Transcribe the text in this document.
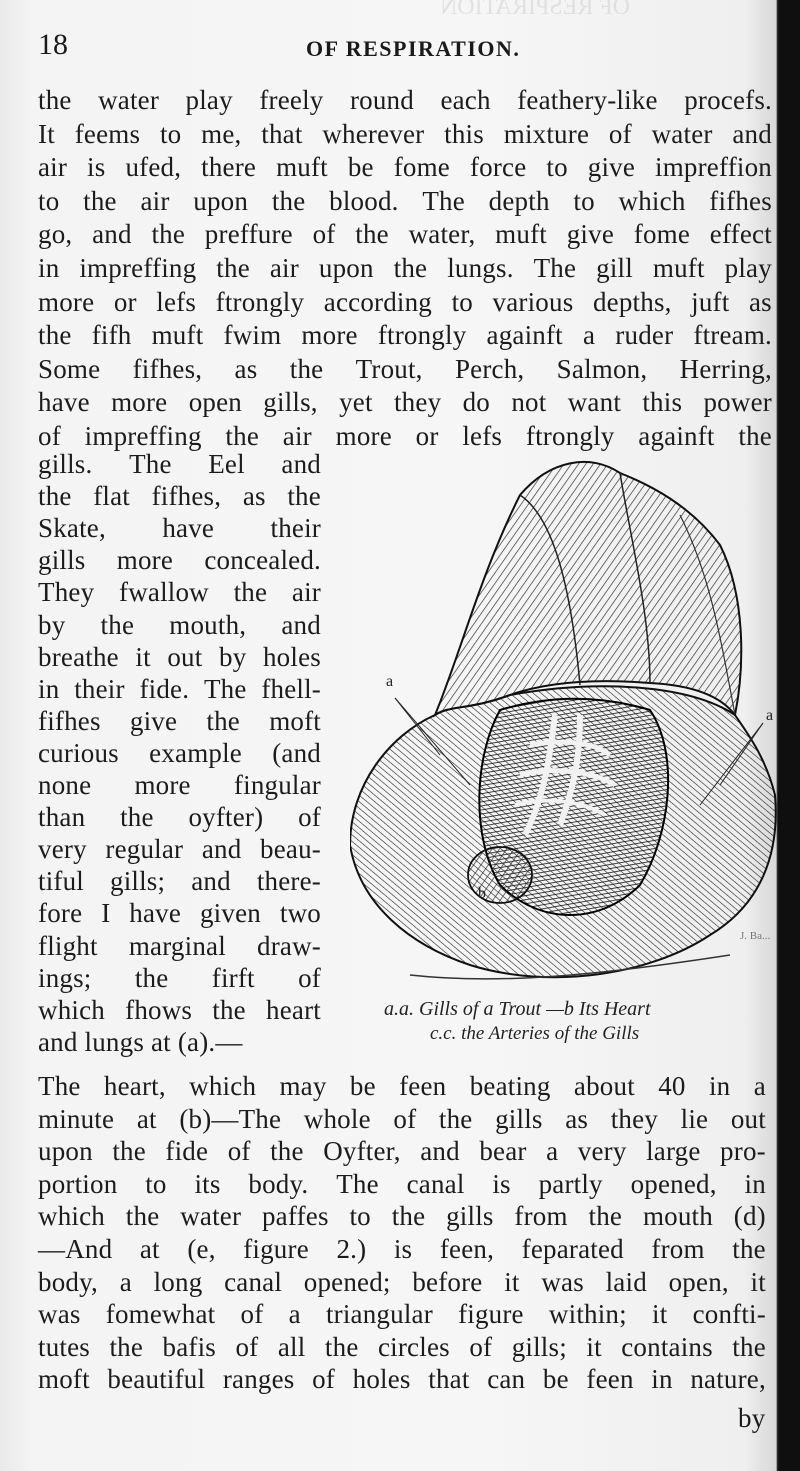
OF RESPIRATION
18	OF RESPIRATION.
the water play freely round each feathery-like procefs.
It feems to me, that wherever this mixture of water and
air is ufed, there muft be fome force to give impreffion
to the air upon the blood. The depth to which fifhes
go, and the preffure of the water, muft give fome effect
in impreffing the air upon the lungs. The gill muft play
more or lefs ftrongly according to various depths, juft as
the fifh muft fwim more ftrongly againft a ruder ftream.
Some fifhes, as the Trout, Perch, Salmon, Herring,
have more open gills, yet they do not want this power
of impreffing the air more or lefs ftrongly againft the
gills. The Eel and
the flat fifhes, as the
Skate, have their
gills more concealed.
They fwallow the air
by the mouth, and
breathe it out by holes
in their fide. The fhell-
fifhes give the moft
curious example (and
none more fingular
than the oyfter) of
very regular and beau-
tiful gills; and there-
fore I have given two
flight marginal draw-
ings; the firft of
which fhows the heart
and lungs at (a).—
The heart, which may be feen beating about 40 in a
minute at (b)—The whole of the gills as they lie out
upon the fide of the Oyfter, and bear a very large pro-
portion to its body. The canal is partly opened, in
which the water paffes to the gills from the mouth (d)
—And at (e, figure 2.) is feen, feparated from the
body, a long canal opened; before it was laid open, it
was fomewhat of a triangular figure within; it confti-
tutes the bafis of all the circles of gills; it contains the
moft beautiful ranges of holes that can be feen in nature,
by
a
a
b
J. Ba...
a.a. Gills of a Trout —b Its Heart
c.c. the Arteries of the Gills
